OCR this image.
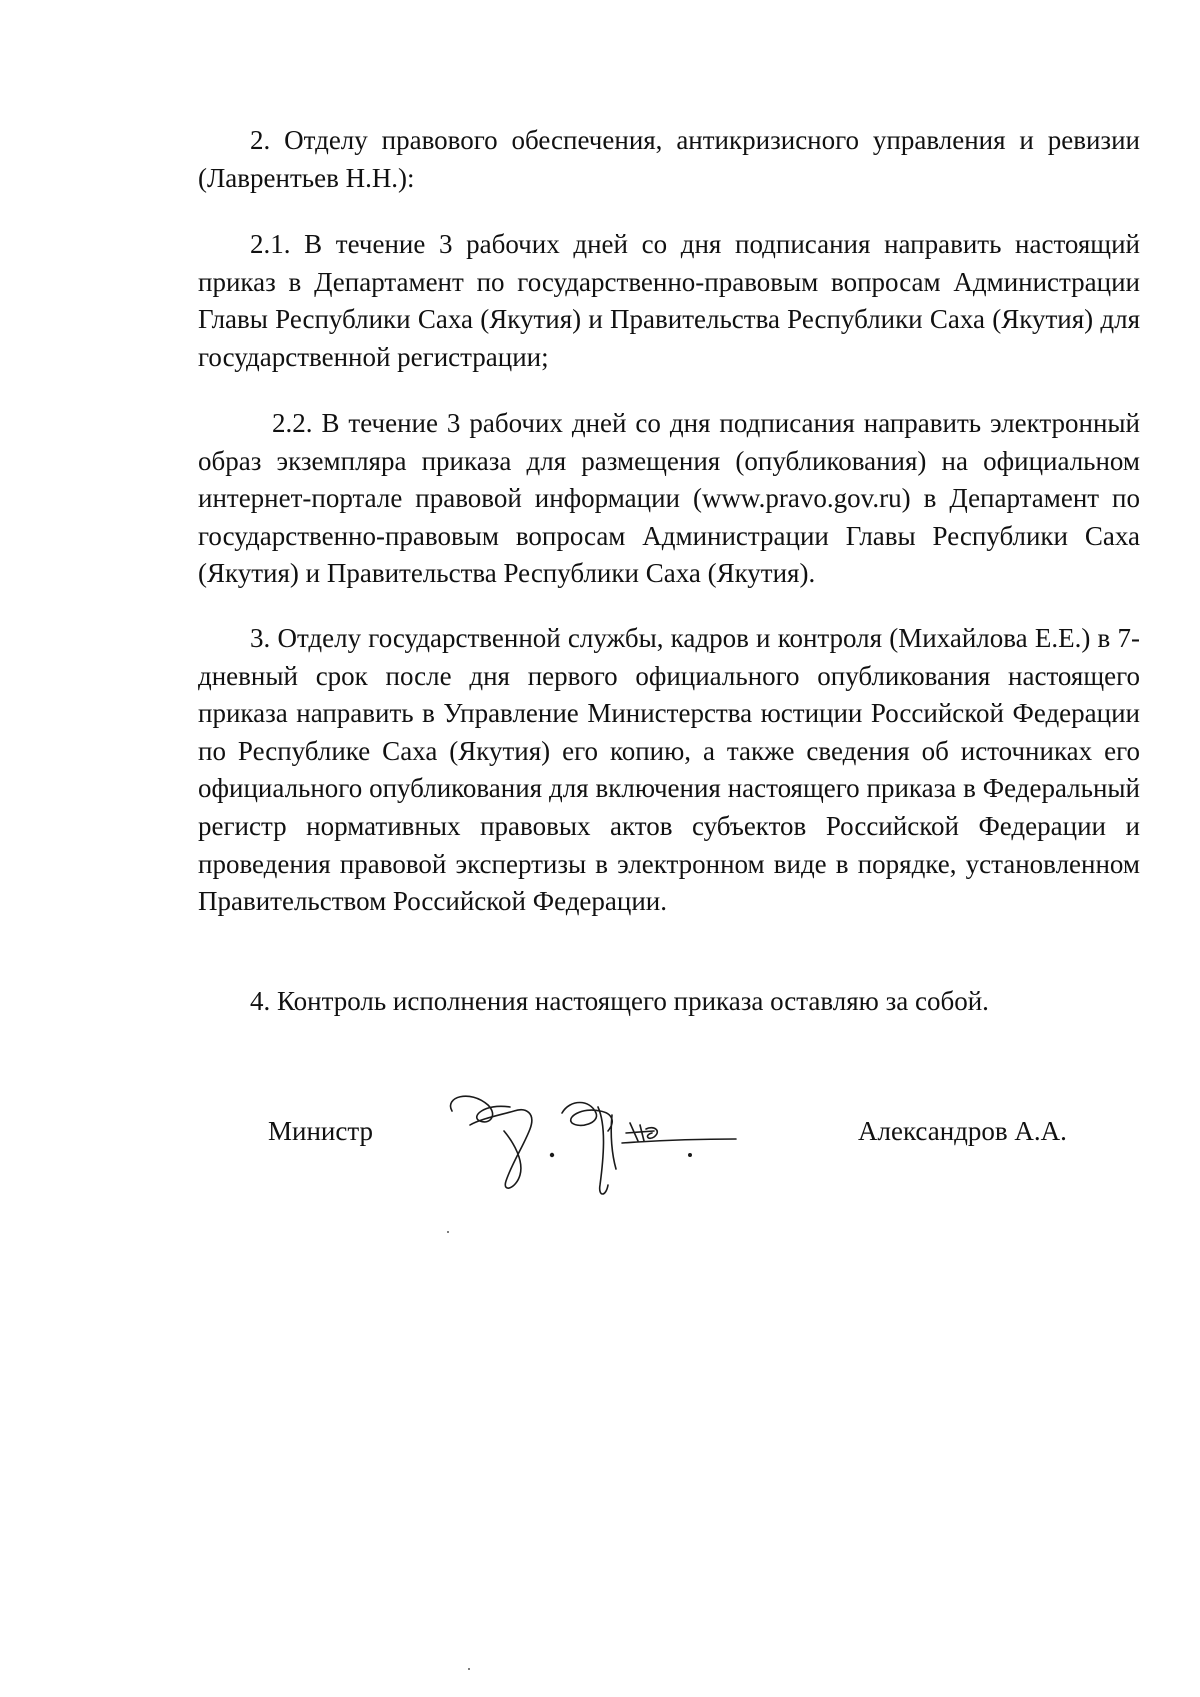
2. Отделу правового обеспечения, антикризисного управления и ревизии (Лаврентьев Н.Н.):

2.1. В течение 3 рабочих дней со дня подписания направить настоящий приказ в Департамент по государственно-правовым вопросам Администрации Главы Республики Саха (Якутия) и Правительства Республики Саха (Якутия) для государственной регистрации;

2.2. В течение 3 рабочих дней со дня подписания направить электронный образ экземпляра приказа для размещения (опубликования) на официальном интернет-портале правовой информации (www.pravo.gov.ru) в Департамент по государственно-правовым вопросам Администрации Главы Республики Саха (Якутия) и Правительства Республики Саха (Якутия).

3. Отделу государственной службы, кадров и контроля (Михайлова Е.Е.) в 7-дневный срок после дня первого официального опубликования настоящего приказа направить в Управление Министерства юстиции Российской Федерации по Республике Саха (Якутия) его копию, а также сведения об источниках его официального опубликования для включения настоящего приказа в Федеральный регистр нормативных правовых актов субъектов Российской Федерации и проведения правовой экспертизы в электронном виде в порядке, установленном Правительством Российской Федерации.

4. Контроль исполнения настоящего приказа оставляю за собой.

Министр	Александров А.А.
